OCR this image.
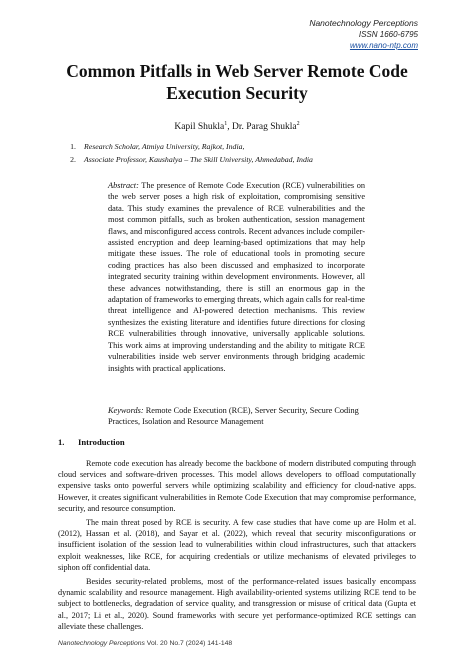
Nanotechnology Perceptions
ISSN 1660-6795
www.nano-ntp.com
Common Pitfalls in Web Server Remote Code Execution Security
Kapil Shukla$^1$, Dr. Parag Shukla$^2$
1.	Research Scholar, Atmiya University, Rajkot, India,
2.	Associate Professor, Kaushalya – The Skill University, Ahmedabad, India
Abstract: The presence of Remote Code Execution (RCE) vulnerabilities on the web server poses a high risk of exploitation, compromising sensitive data. This study examines the prevalence of RCE vulnerabilities and the most common pitfalls, such as broken authentication, session management flaws, and misconfigured access controls. Recent advances include compiler-assisted encryption and deep learning-based optimizations that may help mitigate these issues. The role of educational tools in promoting secure coding practices has also been discussed and emphasized to incorporate integrated security training within development environments. However, all these advances notwithstanding, there is still an enormous gap in the adaptation of frameworks to emerging threats, which again calls for real-time threat intelligence and AI-powered detection mechanisms. This review synthesizes the existing literature and identifies future directions for closing RCE vulnerabilities through innovative, universally applicable solutions. This work aims at improving understanding and the ability to mitigate RCE vulnerabilities inside web server environments through bridging academic insights with practical applications.
Keywords: Remote Code Execution (RCE), Server Security, Secure Coding Practices, Isolation and Resource Management
1. Introduction

Remote code execution has already become the backbone of modern distributed computing through cloud services and software-driven processes. This model allows developers to offload computationally expensive tasks onto powerful servers while optimizing scalability and efficiency for cloud-native apps. However, it creates significant vulnerabilities in Remote Code Execution that may compromise performance, security, and resource consumption.

The main threat posed by RCE is security. A few case studies that have come up are Holm et al. (2012), Hassan et al. (2018), and Sayar et al. (2022), which reveal that security misconfigurations or insufficient isolation of the session lead to vulnerabilities within cloud infrastructures, such that attackers exploit weaknesses, like RCE, for acquiring credentials or utilize mechanisms of elevated privileges to siphon off confidential data.

Besides security-related problems, most of the performance-related issues basically encompass dynamic scalability and resource management. High availability-oriented systems utilizing RCE tend to be subject to bottlenecks, degradation of service quality, and transgression or misuse of critical data (Gupta et al., 2017; Li et al., 2020). Sound frameworks with secure yet performance-optimized RCE settings can alleviate these challenges.

Nanotechnology Perceptions Vol. 20 No.7 (2024) 141-148
